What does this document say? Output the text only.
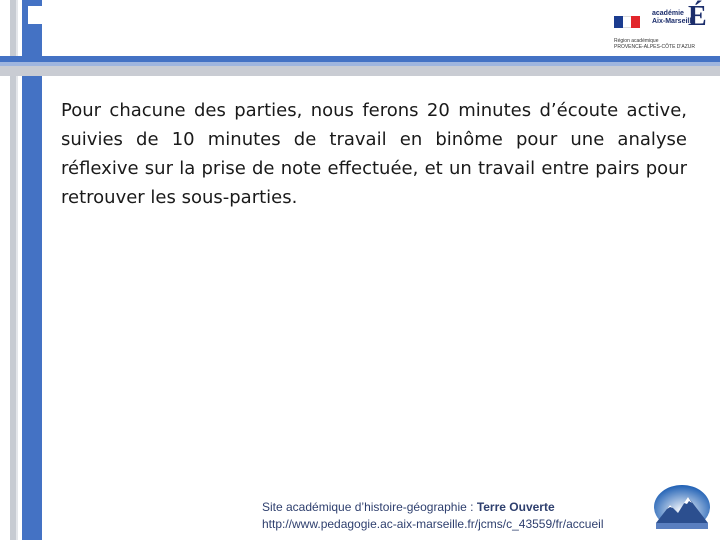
académie
Aix-Marseille
É
Région académique
PROVENCE-ALPES-CÔTE D'AZUR

Pour chacune des parties, nous ferons 20 minutes d’écoute active, suivies de 10 minutes de travail en binôme pour une analyse réflexive sur la prise de note effectuée, et un travail entre pairs pour retrouver les sous-parties.

Site académique d’histoire-géographie : Terre Ouverte
http://www.pedagogie.ac-aix-marseille.fr/jcms/c_43559/fr/accueil
